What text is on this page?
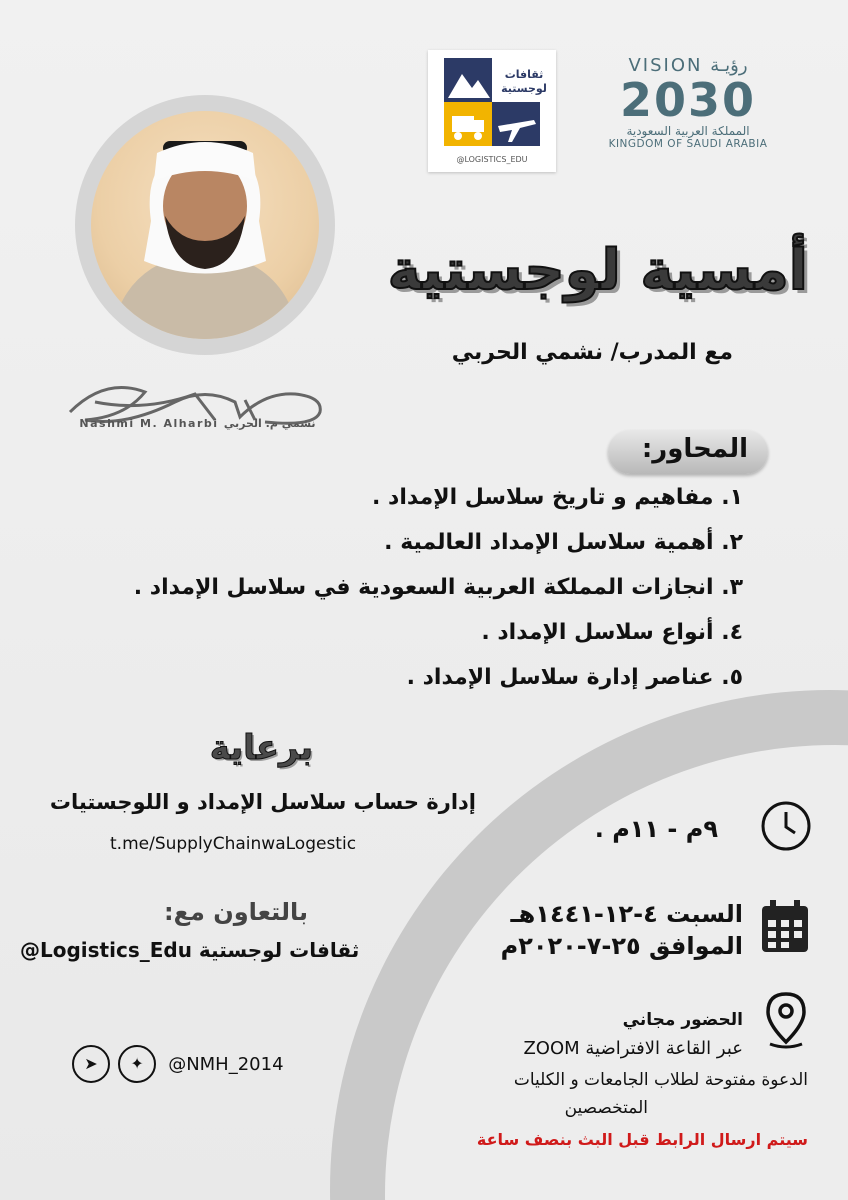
ثقافات
لوجستية
@LOGISTICS_EDU
VISION رؤيـة
2030
المملكة العربية السعودية
KINGDOM OF SAUDI ARABIA
أمسية لوجستية
مع المدرب/ نشمي الحربي
Nashmi M. Alharbi نشمي م. الحربي
المحاور:
١. مفاهيم و تاريخ سلاسل الإمداد .
٢. أهمية سلاسل الإمداد العالمية .
٣. انجازات المملكة العربية السعودية في سلاسل الإمداد .
٤. أنواع سلاسل الإمداد .
٥. عناصر إدارة سلاسل الإمداد .
برعاية
إدارة حساب سلاسل الإمداد و اللوجستيات
t.me/SupplyChainwaLogestic
بالتعاون مع:
@Logistics_Edu ثقافات لوجستية
➤ ✦ @NMH_2014
٩م - ١١م .
السبت ٤-١٢-١٤٤١هـ
الموافق ٢٥-٧-٢٠٢٠م
الحضور مجاني
عبر القاعة الافتراضية ZOOM
الدعوة مفتوحة لطلاب الجامعات و الكليات
المتخصصين
سيتم ارسال الرابط قبل البث بنصف ساعة
